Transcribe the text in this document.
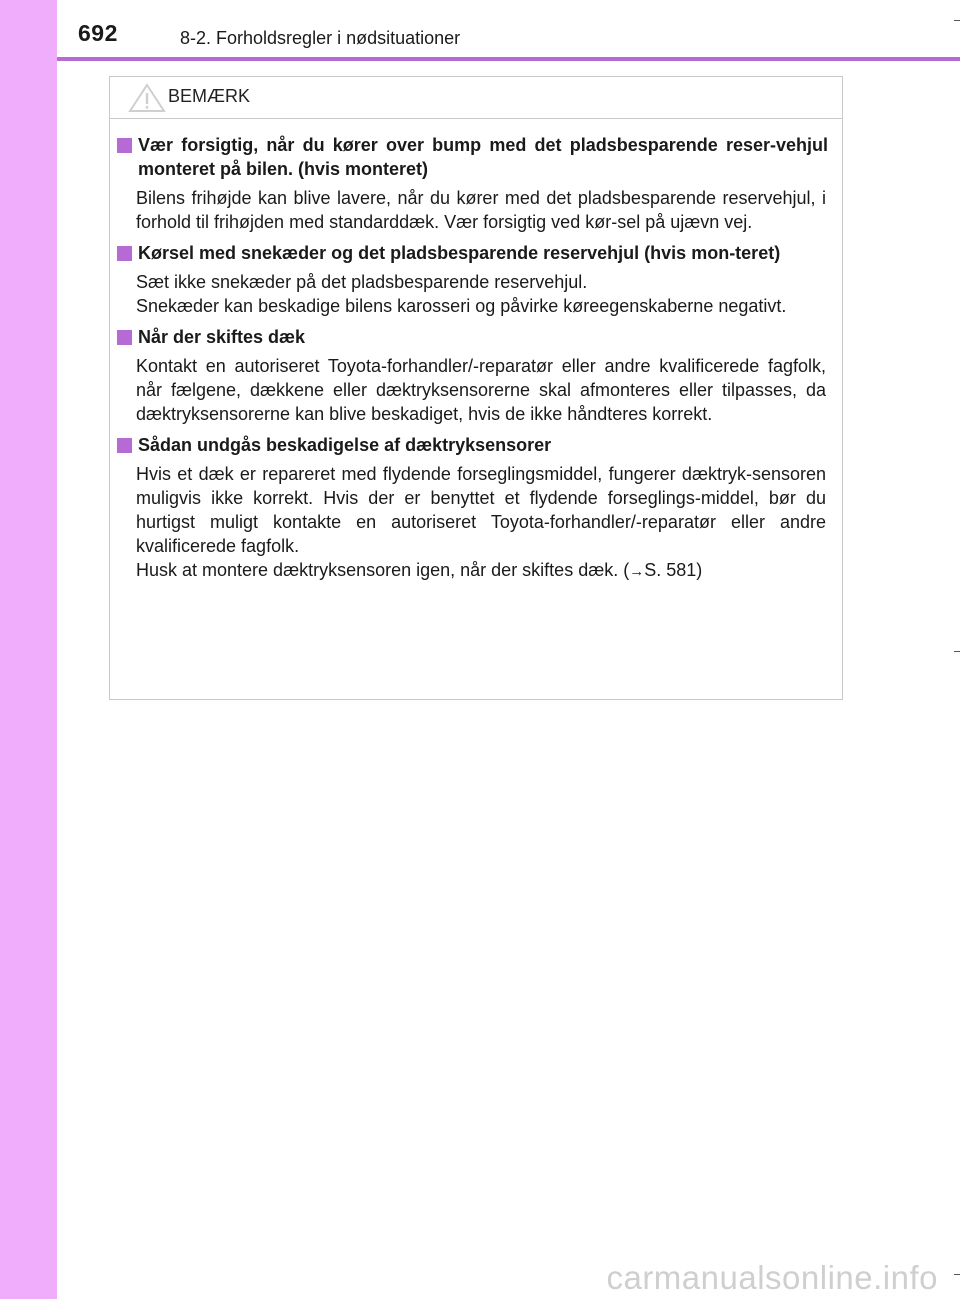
692	8-2. Forholdsregler i nødsituationer
BEMÆRK
Vær forsigtig, når du kører over bump med det pladsbesparende reser-vehjul monteret på bilen. (hvis monteret)

Bilens frihøjde kan blive lavere, når du kører med det pladsbesparende reservehjul, i forhold til frihøjden med standarddæk. Vær forsigtig ved kør-sel på ujævn vej.

Kørsel med snekæder og det pladsbesparende reservehjul (hvis mon-teret)

Sæt ikke snekæder på det pladsbesparende reservehjul.

Snekæder kan beskadige bilens karosseri og påvirke køreegenskaberne negativt.

Når der skiftes dæk

Kontakt en autoriseret Toyota-forhandler/-reparatør eller andre kvalificerede fagfolk, når fælgene, dækkene eller dæktryksensorerne skal afmonteres eller tilpasses, da dæktryksensorerne kan blive beskadiget, hvis de ikke håndteres korrekt.

Sådan undgås beskadigelse af dæktryksensorer

Hvis et dæk er repareret med flydende forseglingsmiddel, fungerer dæktryk-sensoren muligvis ikke korrekt. Hvis der er benyttet et flydende forseglings-middel, bør du hurtigst muligt kontakte en autoriseret Toyota-forhandler/-reparatør eller andre kvalificerede fagfolk.

Husk at montere dæktryksensoren igen, når der skiftes dæk. (→S. 581)

carmanualsonline.info
